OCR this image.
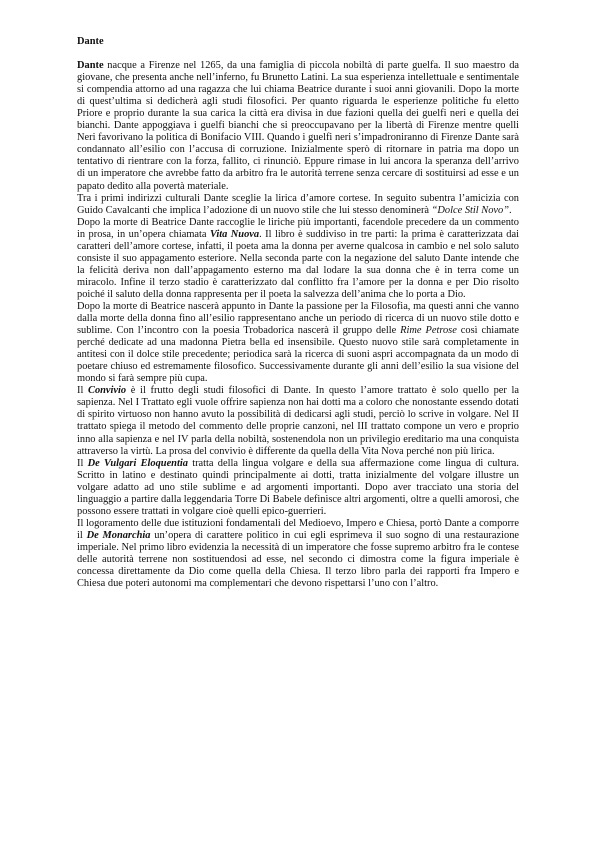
Dante

Dante nacque a Firenze nel 1265, da una famiglia di piccola nobiltà di parte guelfa. Il suo maestro da giovane, che presenta anche nell’inferno, fu Brunetto Latini. La sua esperienza intellettuale e sentimentale si compendia attorno ad una ragazza che lui chiama Beatrice durante i suoi anni giovanili. Dopo la morte di quest’ultima si dedicherà agli studi filosofici. Per quanto riguarda le esperienze politiche fu eletto Priore e proprio durante la sua carica la città era divisa in due fazioni quella dei guelfi neri e quella dei bianchi. Dante appoggiava i guelfi bianchi che si preoccupavano per la libertà di Firenze mentre quelli Neri favorivano la politica di Bonifacio VIII. Quando i guelfi neri s’impadroniranno di Firenze Dante sarà condannato all’esilio con l’accusa di corruzione. Inizialmente sperò di ritornare in patria ma dopo un tentativo di rientrare con la forza, fallito, ci rinunciò. Eppure rimase in lui ancora la speranza dell’arrivo di un imperatore che avrebbe fatto da arbitro fra le autorità terrene senza cercare di sostituirsi ad esse e un papato dedito alla povertà materiale.

Tra i primi indirizzi culturali Dante sceglie la lirica d’amore cortese. In seguito subentra l’amicizia con Guido Cavalcanti che implica l’adozione di un nuovo stile che lui stesso denominerà “Dolce Stil Novo”.

Dopo la morte di Beatrice Dante raccoglie le liriche più importanti, facendole precedere da un commento in prosa, in un’opera chiamata Vita Nuova. Il libro è suddiviso in tre parti: la prima è caratterizzata dai caratteri dell’amore cortese, infatti, il poeta ama la donna per averne qualcosa in cambio e nel solo saluto consiste il suo appagamento esteriore. Nella seconda parte con la negazione del saluto Dante intende che la felicità deriva non dall’appagamento esterno ma dal lodare la sua donna che è in terra come un miracolo. Infine il terzo stadio è caratterizzato dal conflitto fra l’amore per la donna e per Dio risolto poiché il saluto della donna rappresenta per il poeta la salvezza dell’anima che lo porta a Dio.

Dopo la morte di Beatrice nascerà appunto in Dante la passione per la Filosofia, ma questi anni che vanno dalla morte della donna fino all’esilio rappresentano anche un periodo di ricerca di un nuovo stile dotto e sublime. Con l’incontro con la poesia Trobadorica nascerà il gruppo delle Rime Petrose così chiamate perché dedicate ad una madonna Pietra bella ed insensibile. Questo nuovo stile sarà completamente in antitesi con il dolce stile precedente; periodica sarà la ricerca di suoni aspri accompagnata da un modo di poetare chiuso ed estremamente filosofico. Successivamente durante gli anni dell’esilio la sua visione del mondo si farà sempre più cupa.

Il Convivio è il frutto degli studi filosofici di Dante. In questo l’amore trattato è solo quello per la sapienza. Nel I Trattato egli vuole offrire sapienza non hai dotti ma a coloro che nonostante essendo dotati di spirito virtuoso non hanno avuto la possibilità di dedicarsi agli studi, perciò lo scrive in volgare. Nel II trattato spiega il metodo del commento delle proprie canzoni, nel III trattato compone un vero e proprio inno alla sapienza e nel IV parla della nobiltà, sostenendola non un privilegio ereditario ma una conquista attraverso la virtù. La prosa del convivio è differente da quella della Vita Nova perché non più lirica.

Il De Vulgari Eloquentia tratta della lingua volgare e della sua affermazione come lingua di cultura. Scritto in latino e destinato quindi principalmente ai dotti, tratta inizialmente del volgare illustre un volgare adatto ad uno stile sublime e ad argomenti importanti. Dopo aver tracciato una storia del linguaggio a partire dalla leggendaria Torre Di Babele definisce altri argomenti, oltre a quelli amorosi, che possono essere trattati in volgare cioè quelli epico-guerrieri.

Il logoramento delle due istituzioni fondamentali del Medioevo, Impero e Chiesa, portò Dante a comporre il De Monarchia un’opera di carattere politico in cui egli esprimeva il suo sogno di una restaurazione imperiale. Nel primo libro evidenzia la necessità di un imperatore che fosse supremo arbitro fra le contese delle autorità terrene non sostituendosi ad esse, nel secondo ci dimostra come la figura imperiale è concessa direttamente da Dio come quella della Chiesa. Il terzo libro parla dei rapporti fra Impero e Chiesa due poteri autonomi ma complementari che devono rispettarsi l’uno con l’altro.
